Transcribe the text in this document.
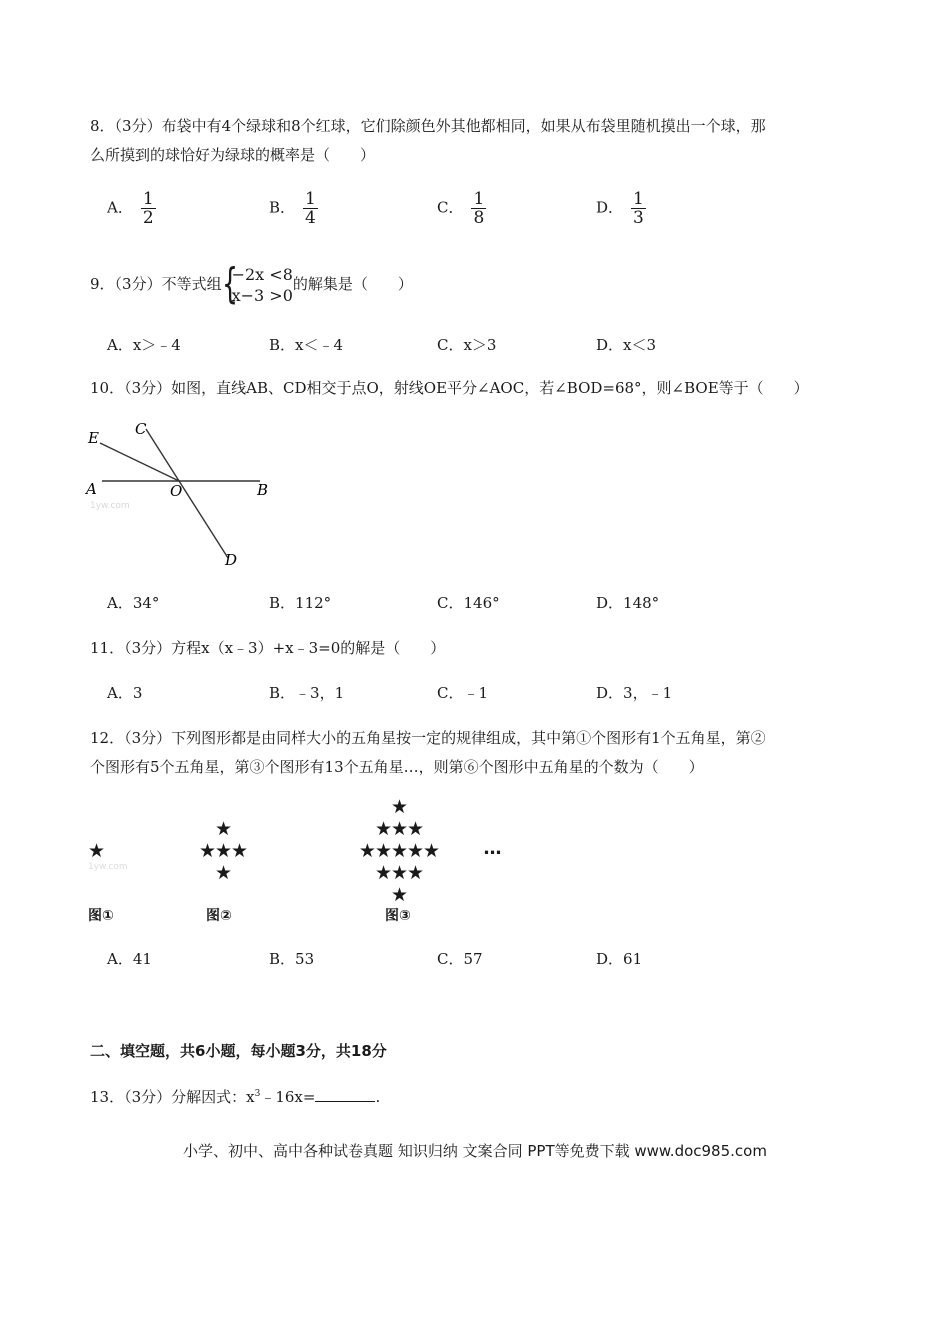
8．（3分）布袋中有4个绿球和8个红球，它们除颜色外其他都相同，如果从布袋里随机摸出一个球，那
么所摸到的球恰好为绿球的概率是（　　）
A． $\frac{1}{2}$	B． $\frac{1}{4}$	C． $\frac{1}{8}$	D． $\frac{1}{3}$
9．（3分）不等式组 {
−2x <8
x−3 >0
的解集是（　　）
A．x＞﹣4	B．x＜﹣4	C．x＞3	D．x＜3
10．（3分）如图，直线AB、CD相交于点O，射线OE平分∠AOC，若∠BOD=68°，则∠BOE等于（　　）
E C
A	O	B
D
1yw.com
A．34°	B．112°	C．146°	D．148°
11．（3分）方程x（x﹣3）+x﹣3=0的解是（　　）
A．3	B．﹣3，1	C．﹣1	D．3，﹣1
12．（3分）下列图形都是由同样大小的五角星按一定的规律组成，其中第①个图形有1个五角星，第②
个图形有5个五角星，第③个图形有13个五角星…，则第⑥个图形中五角星的个数为（　　）
★
★
★★★
★
★
★★★
★★★★★
★★★
★
…
1yw.com
图①	图②	图③
A．41	B．53	C．57	D．61
二、填空题，共6小题，每小题3分，共18分
13．（3分）分解因式：$x^3﹣16x=$	.
小学、初中、高中各种试卷真题 知识归纳 文案合同 PPT等免费下载 www.doc985.com
